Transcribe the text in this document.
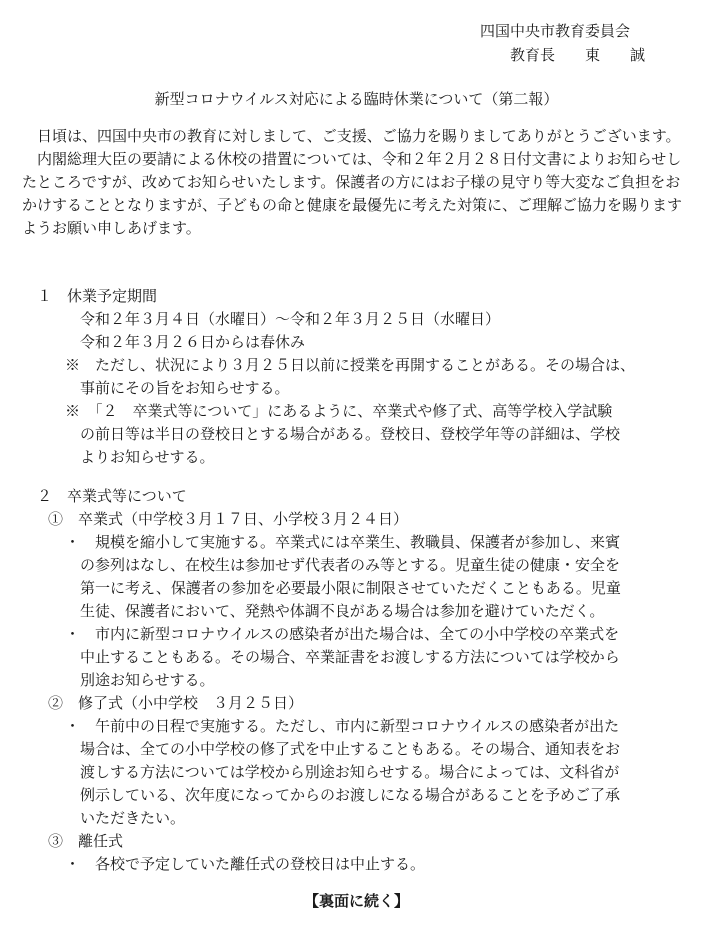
四国中央市教育委員会
教育長　　東　　誠
新型コロナウイルス対応による臨時休業について（第二報）

日頃は、四国中央市の教育に対しまして、ご支援、ご協力を賜りましてありがとうございます。

内閣総理大臣の要請による休校の措置については、令和２年２月２８日付文書によりお知らせしたところですが、改めてお知らせいたします。保護者の方にはお子様の見守り等大変なご負担をおかけすることとなりますが、子どもの命と健康を最優先に考えた対策に、ご理解ご協力を賜りますようお願い申しあげます。

１　休業予定期間
令和２年３月４日（水曜日）～令和２年３月２５日（水曜日）
令和２年３月２６日からは春休み
※　ただし、状況により３月２５日以前に授業を再開することがある。その場合は、
事前にその旨をお知らせする。
※　「２　卒業式等について」にあるように、卒業式や修了式、高等学校入学試験
の前日等は半日の登校日とする場合がある。登校日、登校学年等の詳細は、学校
よりお知らせする。
２　卒業式等について
①　卒業式（中学校３月１７日、小学校３月２４日）
・　規模を縮小して実施する。卒業式には卒業生、教職員、保護者が参加し、来賓
の参列はなし、在校生は参加せず代表者のみ等とする。児童生徒の健康・安全を
第一に考え、保護者の参加を必要最小限に制限させていただくこともある。児童
生徒、保護者において、発熱や体調不良がある場合は参加を避けていただく。
・　市内に新型コロナウイルスの感染者が出た場合は、全ての小中学校の卒業式を
中止することもある。その場合、卒業証書をお渡しする方法については学校から
別途お知らせする。
②　修了式（小中学校　３月２５日）
・　午前中の日程で実施する。ただし、市内に新型コロナウイルスの感染者が出た
場合は、全ての小中学校の修了式を中止することもある。その場合、通知表をお
渡しする方法については学校から別途お知らせする。場合によっては、文科省が
例示している、次年度になってからのお渡しになる場合があることを予めご了承
いただきたい。
③　離任式
・　各校で予定していた離任式の登校日は中止する。
【裏面に続く】
